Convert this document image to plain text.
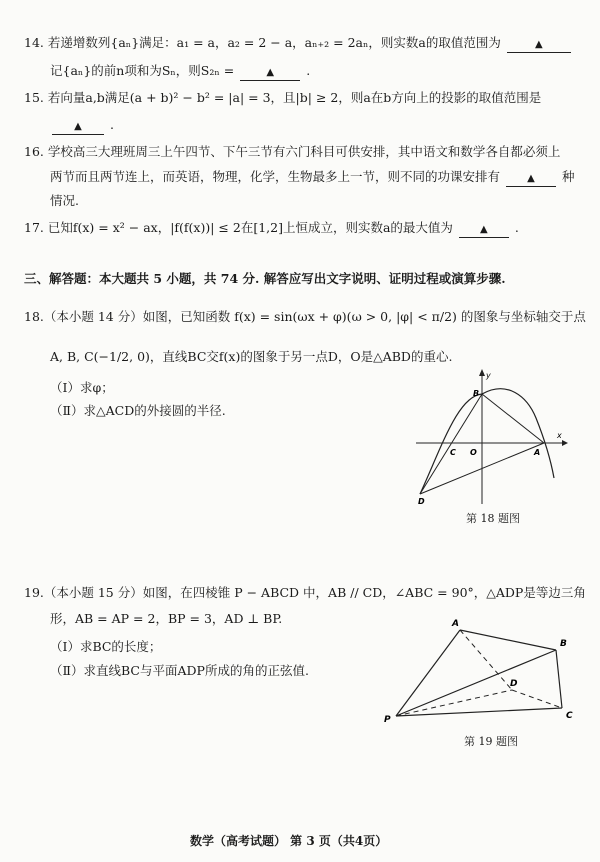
14. 若递增数列{aₙ}满足：a₁ = a，a₂ = 2 − a，aₙ₊₂ = 2aₙ，则实数a的取值范围为	▲
记{aₙ}的前n项和为Sₙ，则S₂ₙ =	▲	.
15. 若向量a,b满足(a + b)² − b² = |a| = 3，且|b| ≥ 2，则a在b方向上的投影的取值范围是
▲ .
16. 学校高三大理班周三上午四节、下午三节有六门科目可供安排，其中语文和数学各自都必须上
两节而且两节连上，而英语，物理，化学，生物最多上一节，则不同的功课安排有	▲ 种
情况.
17. 已知f(x) = x² − ax，|f(f(x))| ≤ 2在[1,2]上恒成立，则实数a的最大值为	▲ .
三、解答题：本大题共 5 小题，共 74 分. 解答应写出文字说明、证明过程或演算步骤.
18.（本小题 14 分）如图，已知函数 f(x) = sin(ωx + φ)(ω > 0, |φ| < π/2) 的图象与坐标轴交于点
A, B, C(−1/2, 0)，直线BC交f(x)的图象于另一点D，O是△ABD的重心.
（Ⅰ）求φ；
（Ⅱ）求△ACD的外接圆的半径.
y
x
B
C O	A
D
第 18 题图
19.（本小题 15 分）如图，在四棱锥 P − ABCD 中，AB // CD，∠ABC = 90°，△ADP是等边三角
形，AB = AP = 2，BP = 3，AD ⊥ BP.
（Ⅰ）求BC的长度；
（Ⅱ）求直线BC与平面ADP所成的角的正弦值.
A
B
D
C
P
第 19 题图
数学（高考试题） 第 3 页（共4页）
